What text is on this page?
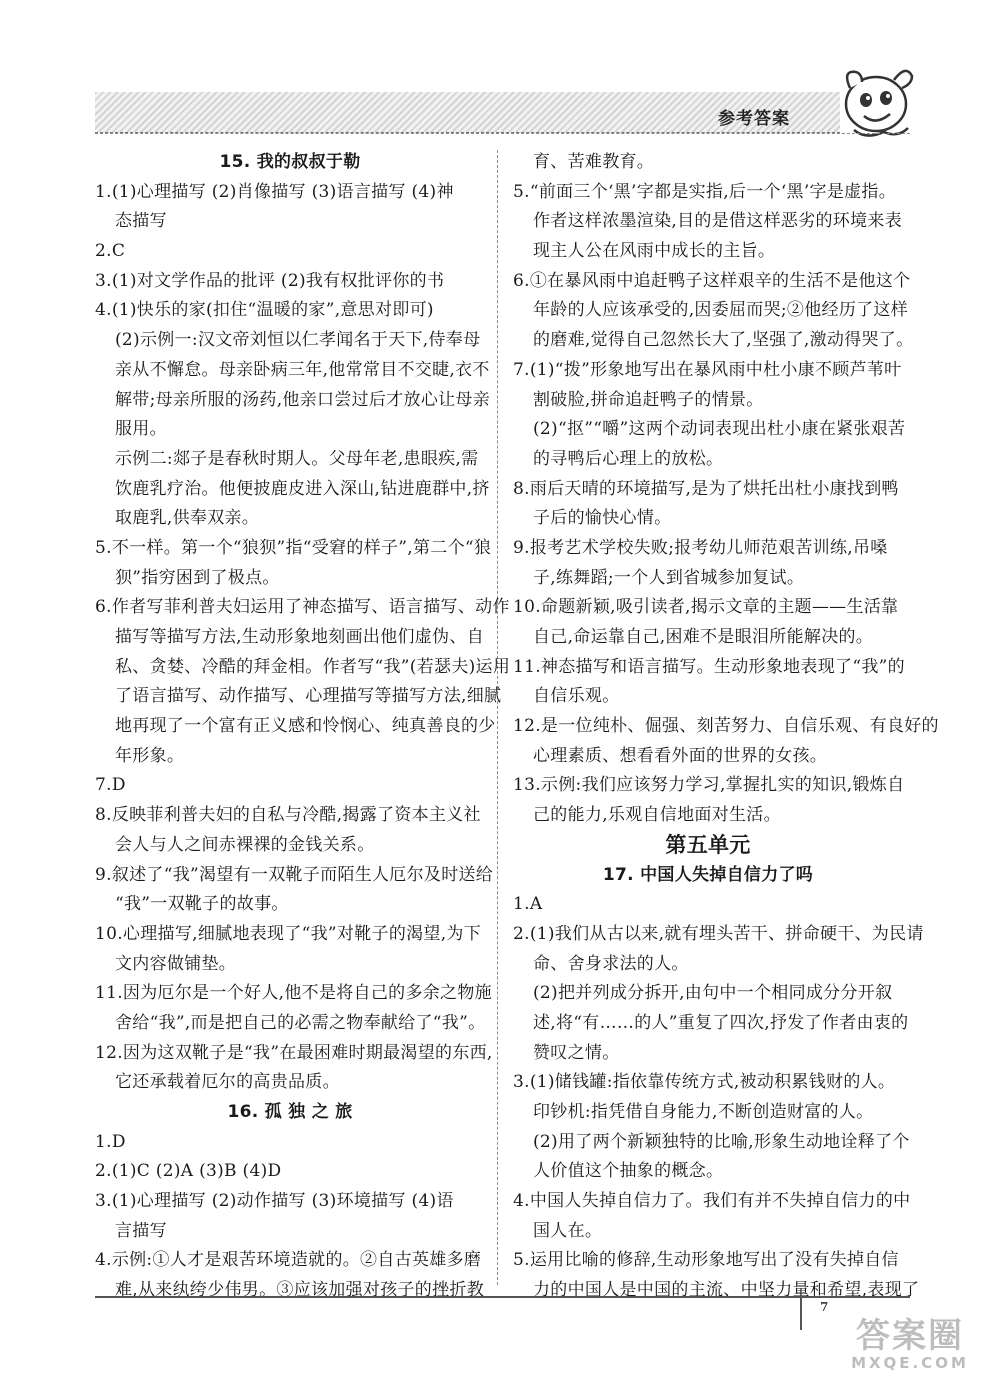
参考答案
15. 我的叔叔于勒
1.(1)心理描写 (2)肖像描写 (3)语言描写 (4)神
态描写
2.C
3.(1)对文学作品的批评 (2)我有权批评你的书
4.(1)快乐的家(扣住“温暖的家”,意思对即可)
(2)示例一:汉文帝刘恒以仁孝闻名于天下,侍奉母
亲从不懈怠。母亲卧病三年,他常常目不交睫,衣不
解带;母亲所服的汤药,他亲口尝过后才放心让母亲
服用。
示例二:郯子是春秋时期人。父母年老,患眼疾,需
饮鹿乳疗治。他便披鹿皮进入深山,钻进鹿群中,挤
取鹿乳,供奉双亲。
5.不一样。第一个“狼狈”指“受窘的样子”,第二个“狼
狈”指穷困到了极点。
6.作者写菲利普夫妇运用了神态描写、语言描写、动作
描写等描写方法,生动形象地刻画出他们虚伪、自
私、贪婪、冷酷的拜金相。作者写“我”(若瑟夫)运用
了语言描写、动作描写、心理描写等描写方法,细腻
地再现了一个富有正义感和怜悯心、纯真善良的少
年形象。
7.D
8.反映菲利普夫妇的自私与冷酷,揭露了资本主义社
会人与人之间赤裸裸的金钱关系。
9.叙述了“我”渴望有一双靴子而陌生人厄尔及时送给
“我”一双靴子的故事。
10.心理描写,细腻地表现了“我”对靴子的渴望,为下
文内容做铺垫。
11.因为厄尔是一个好人,他不是将自己的多余之物施
舍给“我”,而是把自己的必需之物奉献给了“我”。
12.因为这双靴子是“我”在最困难时期最渴望的东西,
它还承载着厄尔的高贵品质。
16. 孤 独 之 旅
1.D
2.(1)C (2)A (3)B (4)D
3.(1)心理描写 (2)动作描写 (3)环境描写 (4)语
言描写
4.示例:①人才是艰苦环境造就的。②自古英雄多磨
难,从来纨绔少伟男。③应该加强对孩子的挫折教
育、苦难教育。
5.“前面三个‘黑’字都是实指,后一个‘黑’字是虚指。
作者这样浓墨渲染,目的是借这样恶劣的环境来表
现主人公在风雨中成长的主旨。
6.①在暴风雨中追赶鸭子这样艰辛的生活不是他这个
年龄的人应该承受的,因委屈而哭;②他经历了这样
的磨难,觉得自己忽然长大了,坚强了,激动得哭了。
7.(1)“拨”形象地写出在暴风雨中杜小康不顾芦苇叶
割破脸,拼命追赶鸭子的情景。
(2)“抠”“嚼”这两个动词表现出杜小康在紧张艰苦
的寻鸭后心理上的放松。
8.雨后天晴的环境描写,是为了烘托出杜小康找到鸭
子后的愉快心情。
9.报考艺术学校失败;报考幼儿师范艰苦训练,吊嗓
子,练舞蹈;一个人到省城参加复试。
10.命题新颖,吸引读者,揭示文章的主题——生活靠
自己,命运靠自己,困难不是眼泪所能解决的。
11.神态描写和语言描写。生动形象地表现了“我”的
自信乐观。
12.是一位纯朴、倔强、刻苦努力、自信乐观、有良好的
心理素质、想看看外面的世界的女孩。
13.示例:我们应该努力学习,掌握扎实的知识,锻炼自
己的能力,乐观自信地面对生活。
第五单元
17. 中国人失掉自信力了吗
1.A
2.(1)我们从古以来,就有埋头苦干、拼命硬干、为民请
命、舍身求法的人。
(2)把并列成分拆开,由句中一个相同成分分开叙
述,将“有……的人”重复了四次,抒发了作者由衷的
赞叹之情。
3.(1)储钱罐:指依靠传统方式,被动积累钱财的人。
印钞机:指凭借自身能力,不断创造财富的人。
(2)用了两个新颖独特的比喻,形象生动地诠释了个
人价值这个抽象的概念。
4.中国人失掉自信力了。我们有并不失掉自信力的中
国人在。
5.运用比喻的修辞,生动形象地写出了没有失掉自信
力的中国人是中国的主流、中坚力量和希望,表现了
7
答案圈
MXQE.COM
